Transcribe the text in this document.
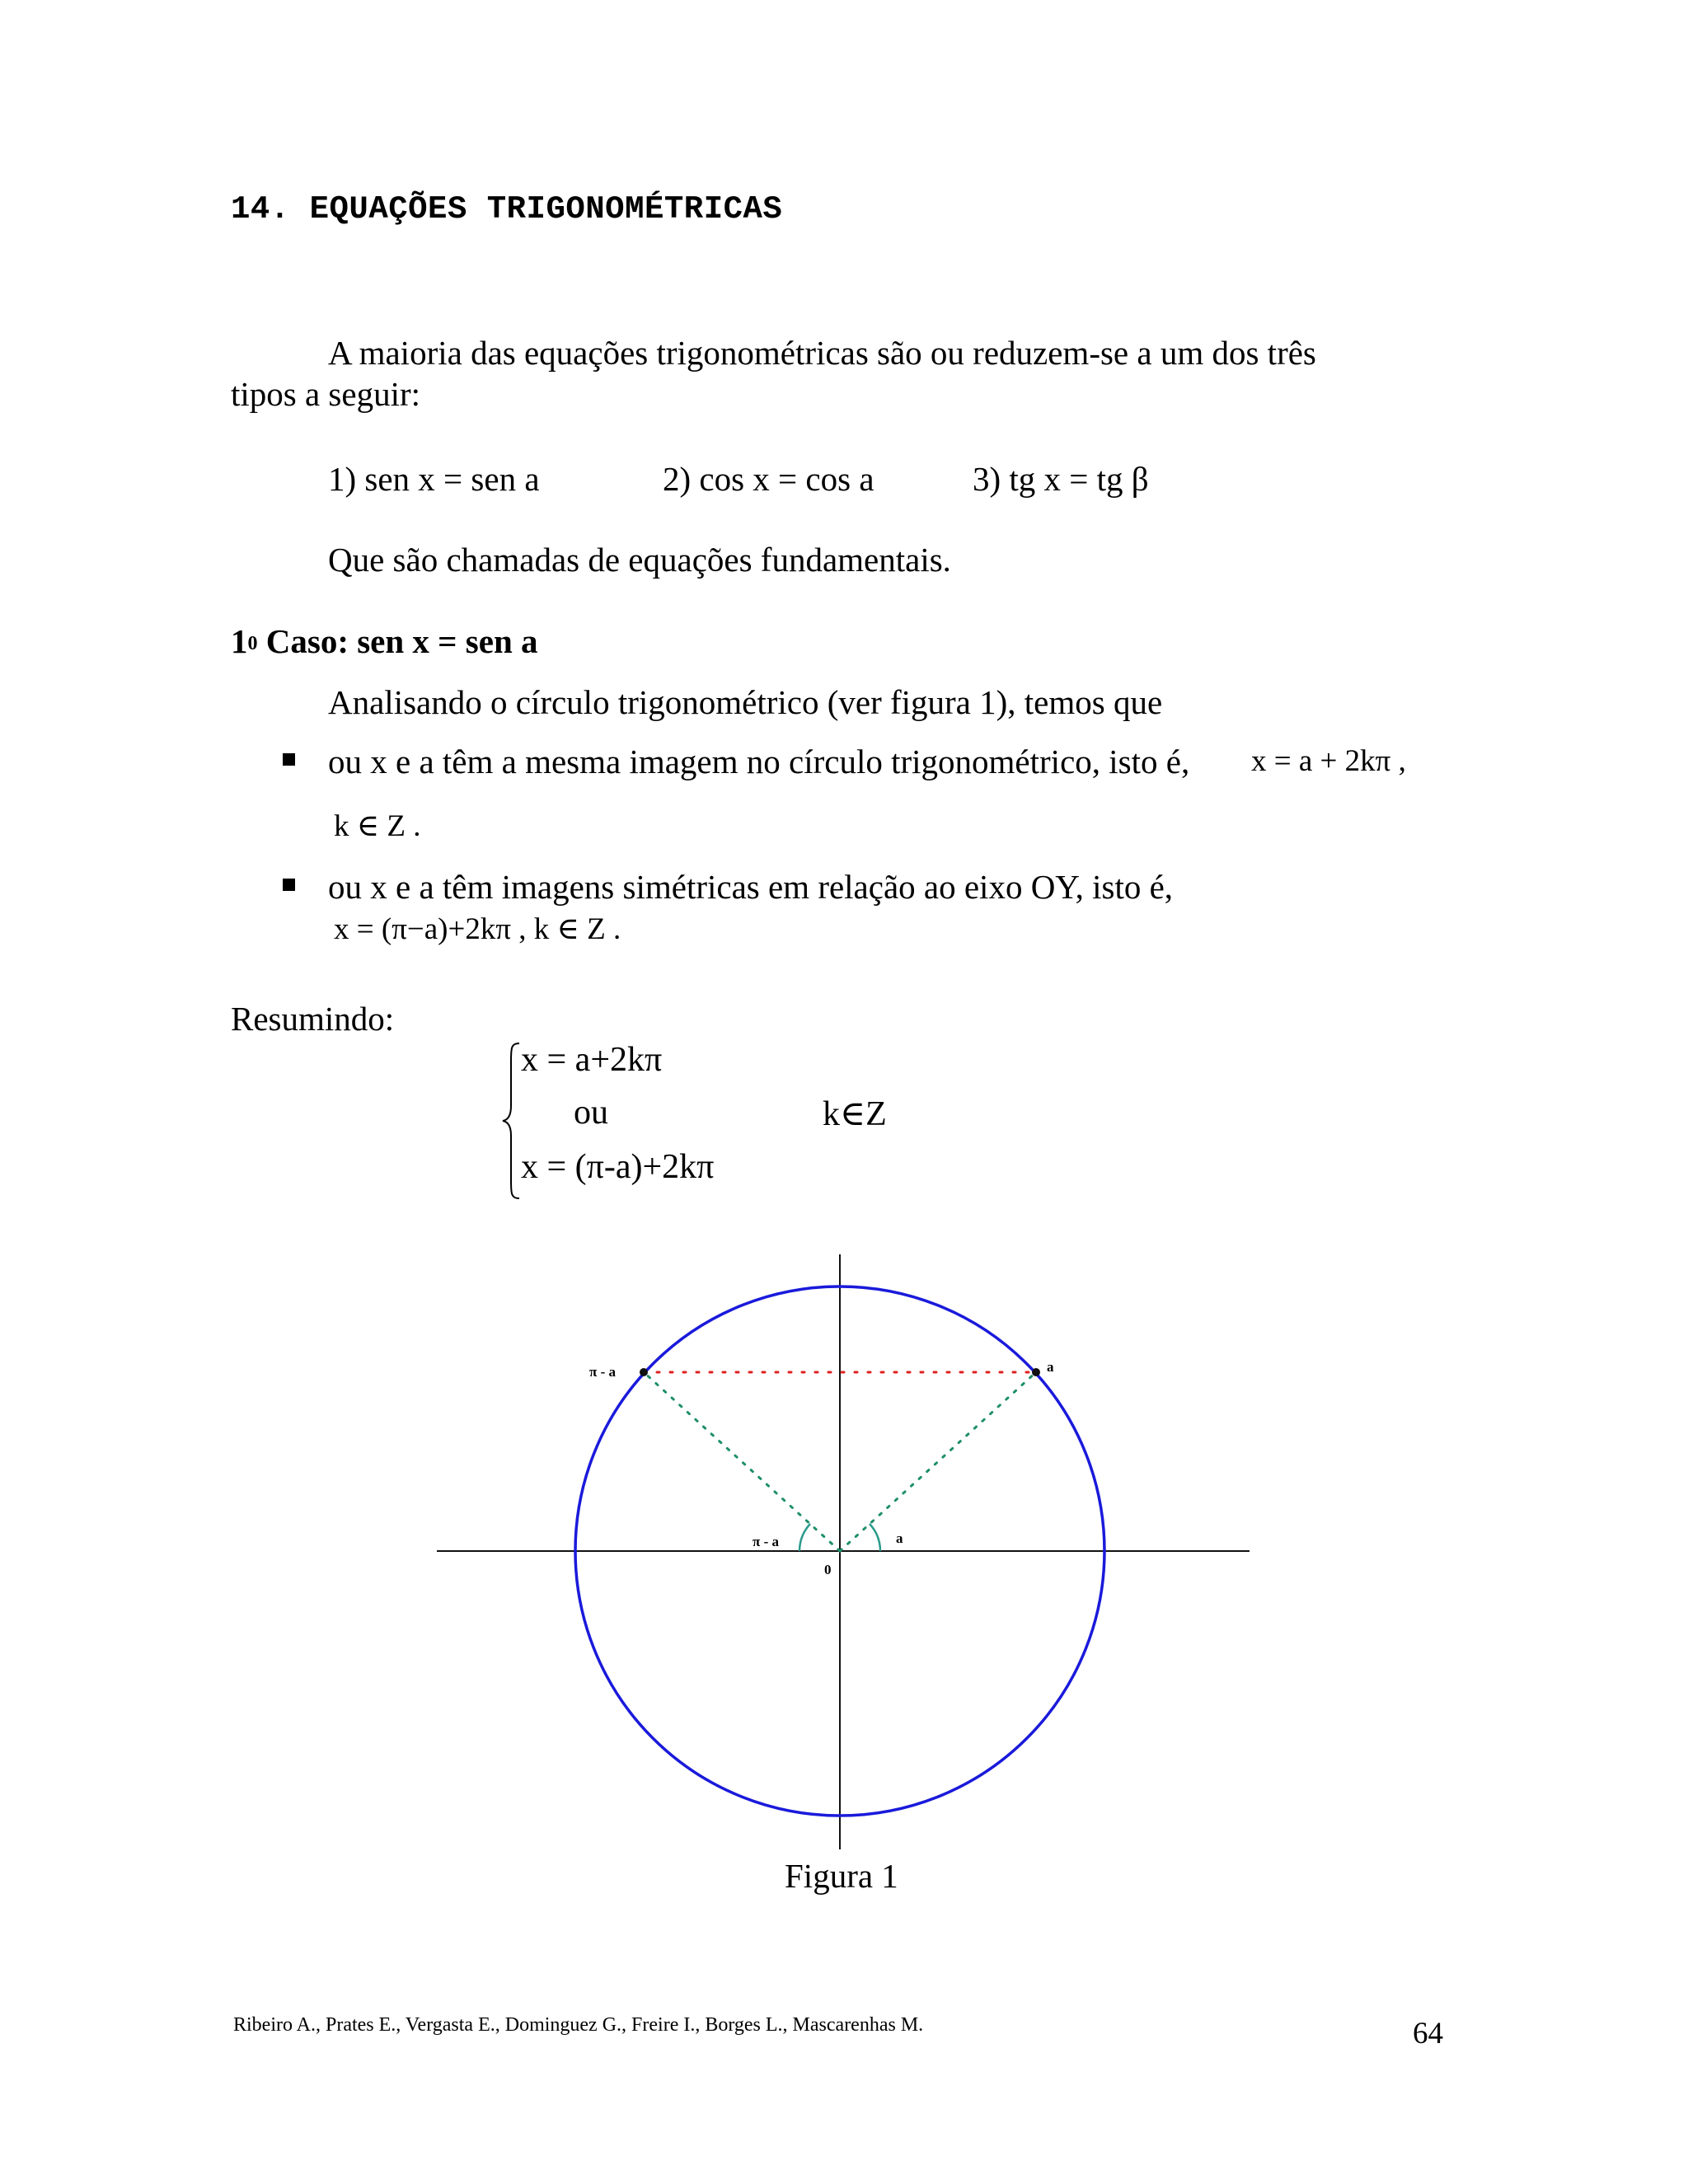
14. EQUAÇÕES TRIGONOMÉTRICAS
A maioria das equações trigonométricas são ou reduzem-se a um dos três
tipos a seguir:
1) sen x = sen a	2) cos x = cos a	3) tg x = tg β
Que são chamadas de equações fundamentais.
$1^0$ Caso: sen x = sen a
Analisando o círculo trigonométrico (ver figura 1), temos que
ou x e a têm a mesma imagem no círculo trigonométrico, isto é, x = a + 2kπ ,
k ∈ Z .
ou x e a têm imagens simétricas em relação ao eixo OY, isto é,
x = (π−a)+2kπ , k ∈ Z .
Resumindo:
x = a+2kπ
ou	k∈Z
x = (π-a)+2kπ
a
π - a
a
π - a
0
Figura 1
Ribeiro A., Prates E., Vergasta E., Dominguez G., Freire I., Borges L., Mascarenhas M.	64
